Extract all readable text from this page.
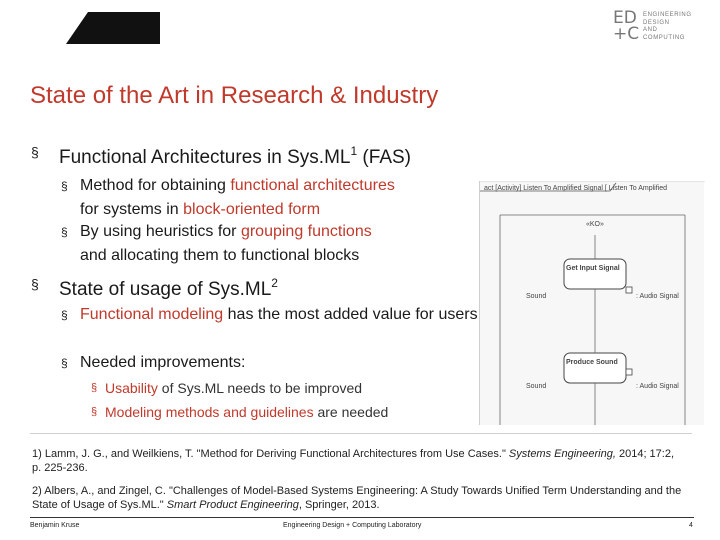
ED
+C
ENGINEERING
DESIGN
AND
COMPUTING
State of the Art in Research & Industry
§ Functional Architectures in $Sys.ML^1$ (FAS)
§ Method for obtaining functional architectures
for systems in block-oriented form
§ By using heuristics for grouping functions
and allocating them to functional blocks
§ State of usage of $Sys.ML^2$
§ Functional modeling has the most added value for users
§ Needed improvements:
§ Usability of Sys.ML needs to be improved
§ Modeling methods and guidelines are needed
act [Activity] Listen To Amplified Signal [ Listen To Amplified
«KO»
Get Input Signal
Sound	: Audio Signal
Produce Sound
Sound	: Audio Signal
1) Lamm, J. G., and Weilkiens, T. "Method for Deriving Functional Architectures from Use Cases." Systems Engineering, 2014; 17:2, p. 225-236.
2) Albers, A., and Zingel, C. "Challenges of Model-Based Systems Engineering: A Study Towards Unified Term Understanding and the State of Usage of Sys.ML." Smart Product Engineering, Springer, 2013.
Benjamin Kruse	Engineering Design + Computing Laboratory	4
